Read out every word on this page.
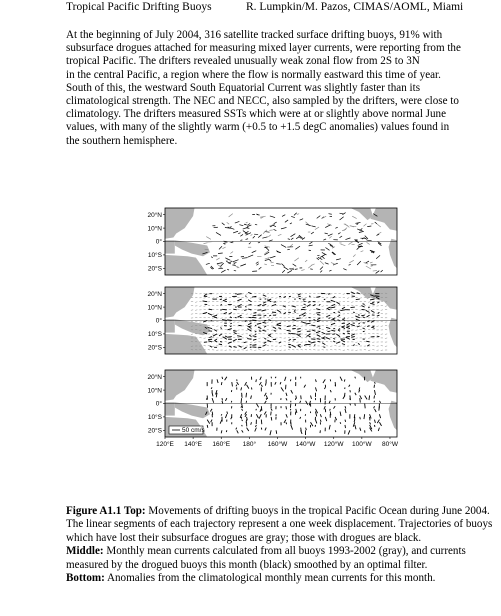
Tropical Pacific Drifting Buoys	R. Lumpkin/M. Pazos, CIMAS/AOML, Miami

At the beginning of July 2004, 316 satellite tracked surface drifting buoys, 91% with

subsurface drogues attached for measuring mixed layer currents, were reporting from the

tropical Pacific. The drifters revealed unusually weak zonal flow from 2S to 3N

in the central Pacific, a region where the flow is normally eastward this time of year.

South of this, the westward South Equatorial Current was slightly faster than its

climatological strength. The NEC and NECC, also sampled by the drifters, were close to

climatology. The drifters measured SSTs which were at or slightly above normal June

values, with many of the slightly warm (+0.5 to +1.5 degC anomalies) values found in

the southern hemisphere.

20°N
10°N
0°
10°S
20°S
20°N
10°N
0°
10°S
20°S
20°N
10°N
0°
10°S
20°S	50 cm/s
120°E 140°E 160°E 180° 160°W 140°W 120°W 100°W 80°W

Figure A1.1 Top: Movements of drifting buoys in the tropical Pacific Ocean during June 2004. The linear segments of each trajectory represent a one week displacement. Trajectories of buoys which have lost their subsurface drogues are gray; those with drogues are black.

Middle: Monthly mean currents calculated from all buoys 1993-2002 (gray), and currents measured by the drogued buoys this month (black) smoothed by an optimal filter.

Bottom: Anomalies from the climatological monthly mean currents for this month.
